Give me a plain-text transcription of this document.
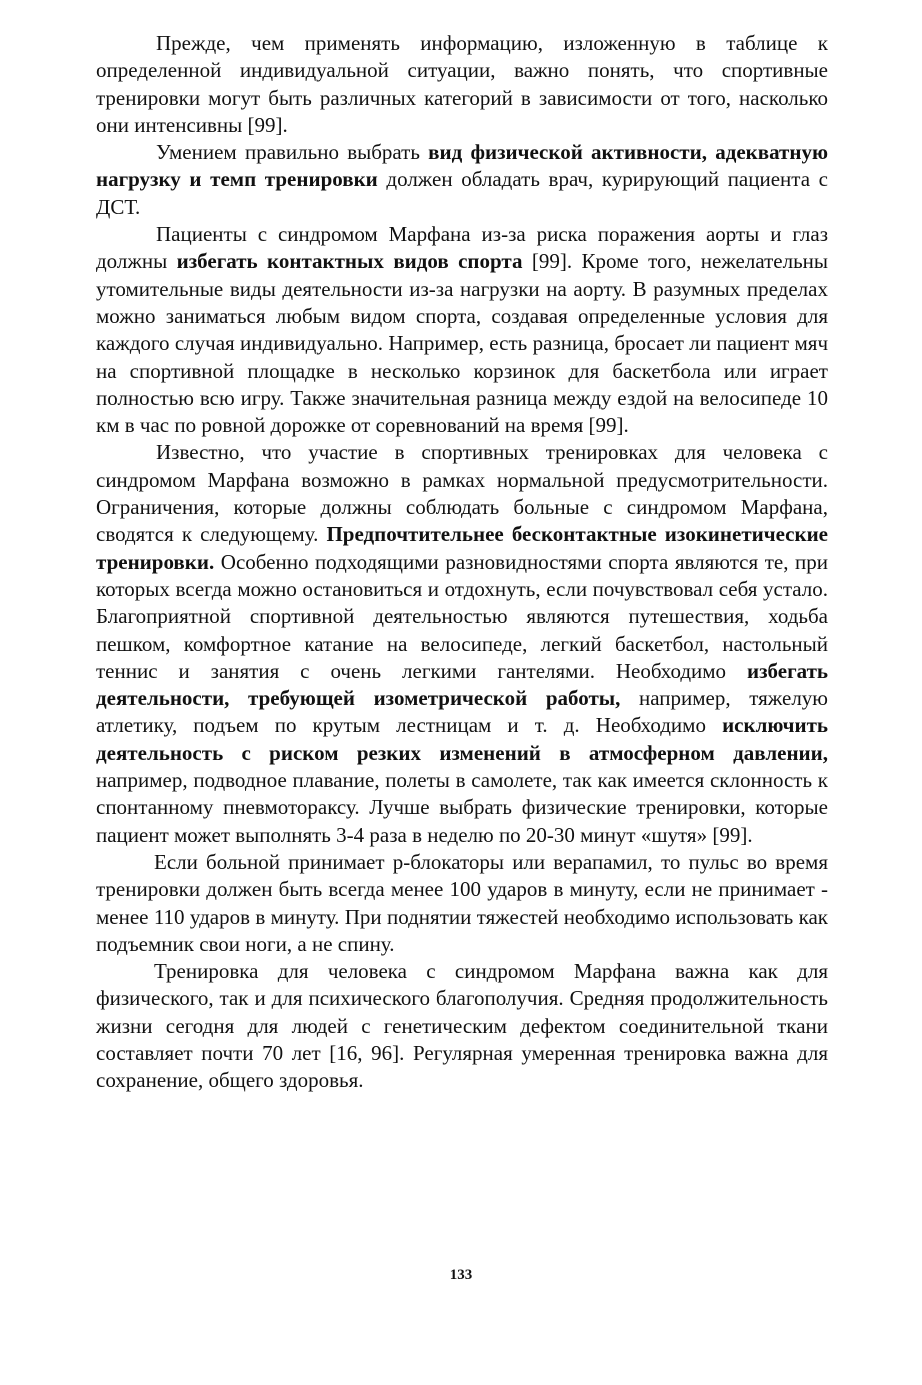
Прежде, чем применять информацию, изложенную в таблице к определенной индивидуальной ситуации, важно понять, что спортивные тренировки могут быть различных категорий в зависимости от того, насколько они интенсивны [99].

Умением правильно выбрать вид физической активности, адекватную нагрузку и темп тренировки должен обладать врач, курирующий пациента с ДСТ.

Пациенты с синдромом Марфана из-за риска поражения аорты и глаз должны избегать контактных видов спорта [99]. Кроме того, нежелательны утомительные виды деятельности из-за нагрузки на аорту. В разумных пределах можно заниматься любым видом спорта, создавая определенные условия для каждого случая индивидуально. Например, есть разница, бросает ли пациент мяч на спортивной площадке в несколько корзинок для баскетбола или играет полностью всю игру. Также значительная разница между ездой на велосипеде 10 км в час по ровной дорожке от соревнований на время [99].

Известно, что участие в спортивных тренировках для человека с синдромом Марфана возможно в рамках нормальной предусмотрительности. Ограничения, которые должны соблюдать больные с синдромом Марфана, сводятся к следующему. Предпочтительнее бесконтактные изокинетические тренировки. Особенно подходящими разновидностями спорта являются те, при которых всегда можно остановиться и отдохнуть, если почувствовал себя устало. Благоприятной спортивной деятельностью являются путешествия, ходьба пешком, комфортное катание на велосипеде, легкий баскетбол, настольный теннис и занятия с очень легкими гантелями. Необходимо избегать деятельности, требующей изометрической работы, например, тяжелую атлетику, подъем по крутым лестницам и т. д. Необходимо исключить деятельность с риском резких изменений в атмосферном давлении, например, подводное плавание, полеты в самолете, так как имеется склонность к спонтанному пневмотораксу. Лучше выбрать физические тренировки, которые пациент может выполнять 3-4 раза в неделю по 20-30 минут «шутя» [99].

Если больной принимает р-блокаторы или верапамил, то пульс во время тренировки должен быть всегда менее 100 ударов в минуту, если не принимает - менее 110 ударов в минуту. При поднятии тяжестей необходимо использовать как подъемник свои ноги, а не спину.

Тренировка для человека с синдромом Марфана важна как для физического, так и для психического благополучия. Средняя продолжительность жизни сегодня для людей с генетическим дефектом соединительной ткани составляет почти 70 лет [16, 96]. Регулярная умеренная тренировка важна для сохранение, общего здоровья.

133
